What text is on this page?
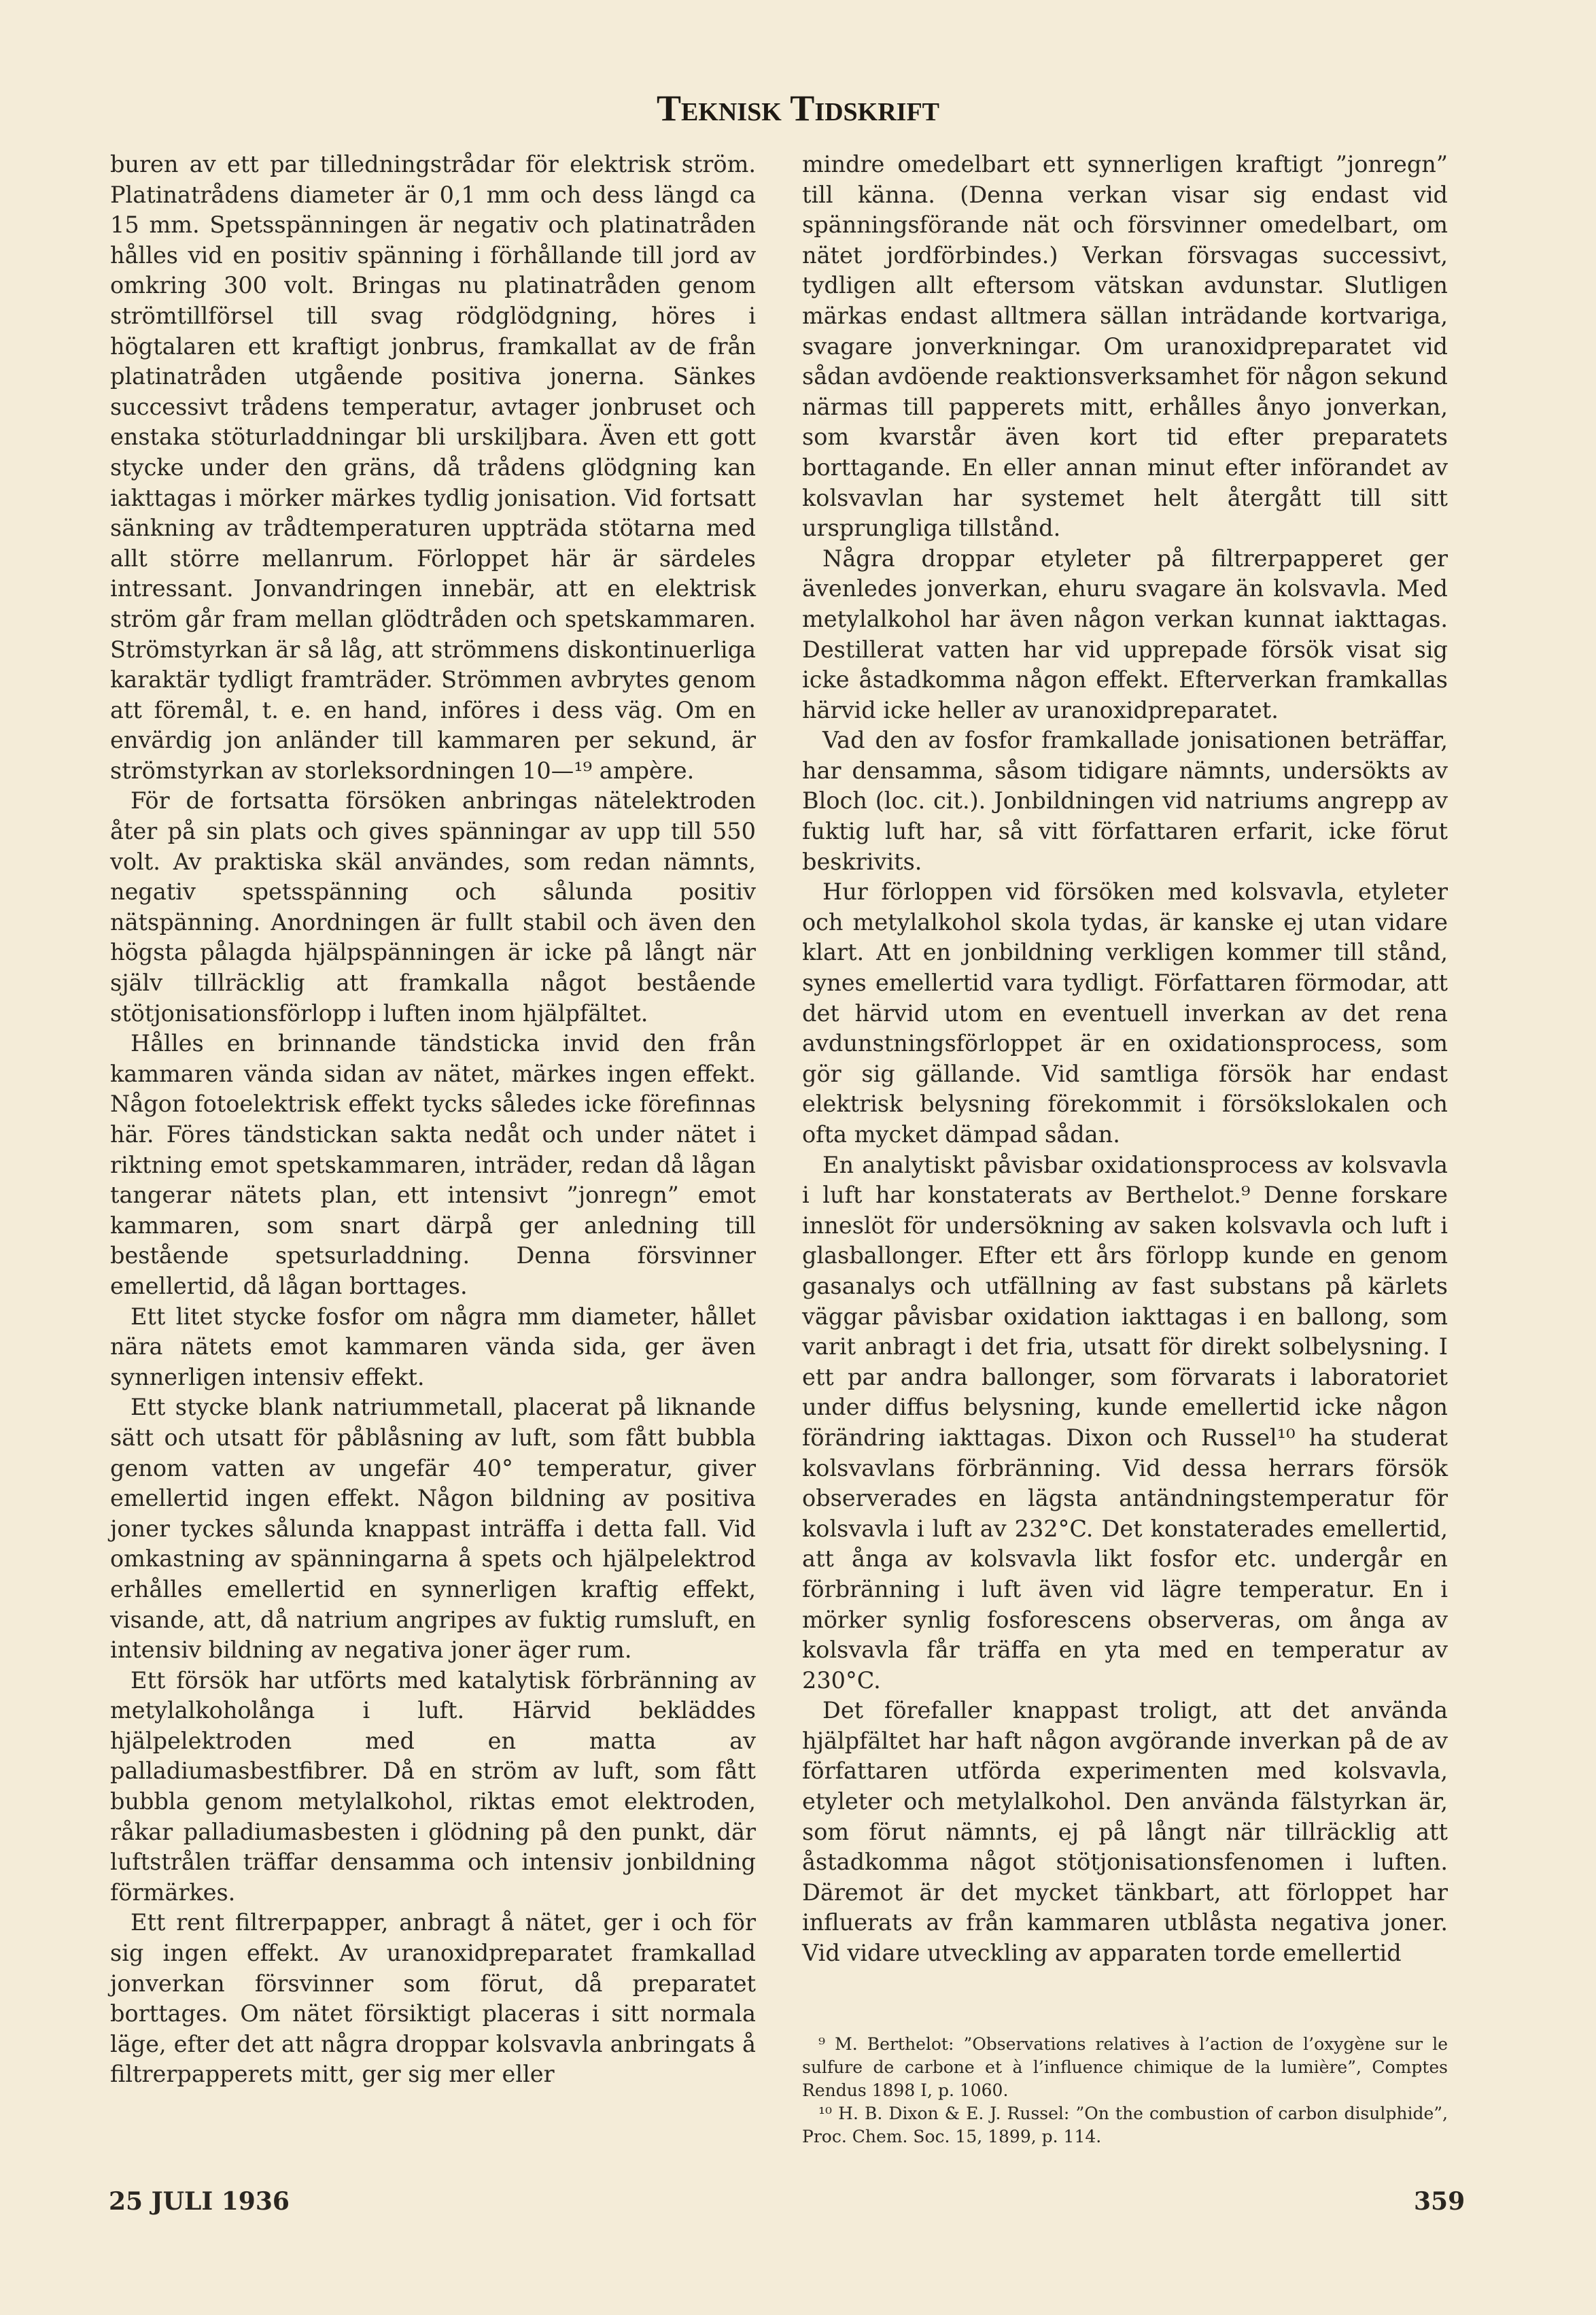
Teknisk Tidskrift

buren av ett par tilledningstrådar för elektrisk ström. Platinatrådens diameter är 0,1 mm och dess längd ca 15 mm. Spetsspänningen är negativ och platinatråden hålles vid en positiv spänning i förhållande till jord av omkring 300 volt. Bringas nu platinatråden genom strömtillförsel till svag rödglödgning, höres i högtalaren ett kraftigt jonbrus, framkallat av de från platinatråden utgående positiva jonerna. Sänkes successivt trådens temperatur, avtager jonbruset och enstaka stöturladdningar bli urskiljbara. Även ett gott stycke under den gräns, då trådens glödgning kan iakttagas i mörker märkes tydlig jonisation. Vid fortsatt sänkning av trådtemperaturen uppträda stötarna med allt större mellanrum. Förloppet här är särdeles intressant. Jonvandringen innebär, att en elektrisk ström går fram mellan glödtråden och spetskammaren. Strömstyrkan är så låg, att strömmens diskontinuerliga karaktär tydligt framträder. Strömmen avbrytes genom att föremål, t. e. en hand, införes i dess väg. Om en envärdig jon anländer till kammaren per sekund, är strömstyrkan av storleksordningen 10—¹⁹ ampère.

För de fortsatta försöken anbringas nätelektroden åter på sin plats och gives spänningar av upp till 550 volt. Av praktiska skäl användes, som redan nämnts, negativ spetsspänning och sålunda positiv nätspänning. Anordningen är fullt stabil och även den högsta pålagda hjälpspänningen är icke på långt när själv tillräcklig att framkalla något bestående stötjonisationsförlopp i luften inom hjälpfältet.

Hålles en brinnande tändsticka invid den från kammaren vända sidan av nätet, märkes ingen effekt. Någon fotoelektrisk effekt tycks således icke förefinnas här. Föres tändstickan sakta nedåt och under nätet i riktning emot spetskammaren, inträder, redan då lågan tangerar nätets plan, ett intensivt ”jonregn” emot kammaren, som snart därpå ger anledning till bestående spetsurladdning. Denna försvinner emellertid, då lågan borttages.

Ett litet stycke fosfor om några mm diameter, hållet nära nätets emot kammaren vända sida, ger även synnerligen intensiv effekt.

Ett stycke blank natriummetall, placerat på liknande sätt och utsatt för påblåsning av luft, som fått bubbla genom vatten av ungefär 40° temperatur, giver emellertid ingen effekt. Någon bildning av positiva joner tyckes sålunda knappast inträffa i detta fall. Vid omkastning av spänningarna å spets och hjälpelektrod erhålles emellertid en synnerligen kraftig effekt, visande, att, då natrium angripes av fuktig rumsluft, en intensiv bildning av negativa joner äger rum.

Ett försök har utförts med katalytisk förbränning av metylalkoholånga i luft. Härvid bekläddes hjälpelektroden med en matta av palladiumasbestfibrer. Då en ström av luft, som fått bubbla genom metylalkohol, riktas emot elektroden, råkar palladiumasbesten i glödning på den punkt, där luftstrålen träffar densamma och intensiv jonbildning förmärkes.

Ett rent filtrerpapper, anbragt å nätet, ger i och för sig ingen effekt. Av uranoxidpreparatet framkallad jonverkan försvinner som förut, då preparatet borttages. Om nätet försiktigt placeras i sitt normala läge, efter det att några droppar kolsvavla anbringats å filtrerpapperets mitt, ger sig mer eller

mindre omedelbart ett synnerligen kraftigt ”jonregn” till känna. (Denna verkan visar sig endast vid spänningsförande nät och försvinner omedelbart, om nätet jordförbindes.) Verkan försvagas successivt, tydligen allt eftersom vätskan avdunstar. Slutligen märkas endast alltmera sällan inträdande kortvariga, svagare jonverkningar. Om uranoxidpreparatet vid sådan avdöende reaktionsverksamhet för någon sekund närmas till papperets mitt, erhålles ånyo jonverkan, som kvarstår även kort tid efter preparatets borttagande. En eller annan minut efter införandet av kolsvavlan har systemet helt återgått till sitt ursprungliga tillstånd.

Några droppar etyleter på filtrerpapperet ger ävenledes jonverkan, ehuru svagare än kolsvavla. Med metylalkohol har även någon verkan kunnat iakttagas. Destillerat vatten har vid upprepade försök visat sig icke åstadkomma någon effekt. Efterverkan framkallas härvid icke heller av uranoxidpreparatet.

Vad den av fosfor framkallade jonisationen beträffar, har densamma, såsom tidigare nämnts, undersökts av Bloch (loc. cit.). Jonbildningen vid natriums angrepp av fuktig luft har, så vitt författaren erfarit, icke förut beskrivits.

Hur förloppen vid försöken med kolsvavla, etyleter och metylalkohol skola tydas, är kanske ej utan vidare klart. Att en jonbildning verkligen kommer till stånd, synes emellertid vara tydligt. Författaren förmodar, att det härvid utom en eventuell inverkan av det rena avdunstningsförloppet är en oxidationsprocess, som gör sig gällande. Vid samtliga försök har endast elektrisk belysning förekommit i försökslokalen och ofta mycket dämpad sådan.

En analytiskt påvisbar oxidationsprocess av kolsvavla i luft har konstaterats av Berthelot.⁹ Denne forskare inneslöt för undersökning av saken kolsvavla och luft i glasballonger. Efter ett års förlopp kunde en genom gasanalys och utfällning av fast substans på kärlets väggar påvisbar oxidation iakttagas i en ballong, som varit anbragt i det fria, utsatt för direkt solbelysning. I ett par andra ballonger, som förvarats i laboratoriet under diffus belysning, kunde emellertid icke någon förändring iakttagas. Dixon och Russel¹⁰ ha studerat kolsvavlans förbränning. Vid dessa herrars försök observerades en lägsta antändningstemperatur för kolsvavla i luft av 232°C. Det konstaterades emellertid, att ånga av kolsvavla likt fosfor etc. undergår en förbränning i luft även vid lägre temperatur. En i mörker synlig fosforescens observeras, om ånga av kolsvavla får träffa en yta med en temperatur av 230°C.

Det förefaller knappast troligt, att det använda hjälpfältet har haft någon avgörande inverkan på de av författaren utförda experimenten med kolsvavla, etyleter och metylalkohol. Den använda fälstyrkan är, som förut nämnts, ej på långt när tillräcklig att åstadkomma något stötjonisationsfenomen i luften. Däremot är det mycket tänkbart, att förloppet har influerats av från kammaren utblåsta negativa joner. Vid vidare utveckling av apparaten torde emellertid

⁹ M. Berthelot: ”Observations relatives à l’action de l’oxygène sur le sulfure de carbone et à l’influence chimique de la lumière”, Comptes Rendus 1898 I, p. 1060.

¹⁰ H. B. Dixon & E. J. Russel: ”On the combustion of carbon disulphide”, Proc. Chem. Soc. 15, 1899, p. 114.

25 JULI 1936	359
